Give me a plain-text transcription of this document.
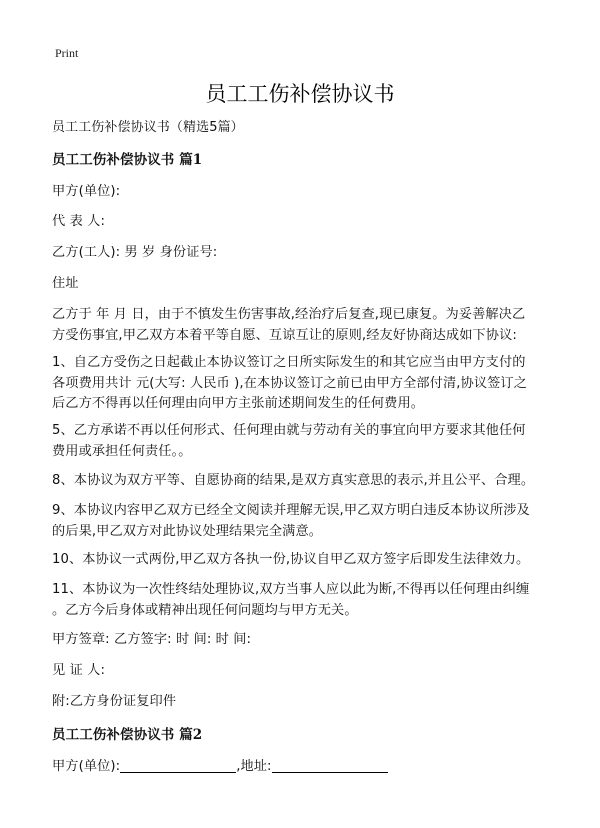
Print
员工工伤补偿协议书
员工工伤补偿协议书（精选5篇）
员工工伤补偿协议书 篇1
甲方(单位):
代 表 人:
乙方(工人): 男 岁 身份证号:
住址
乙方于 年 月 日，由于不慎发生伤害事故,经治疗后复查,现已康复。为妥善解决乙
方受伤事宜,甲乙双方本着平等自愿、互谅互让的原则,经友好协商达成如下协议:
1、自乙方受伤之日起截止本协议签订之日所实际发生的和其它应当由甲方支付的
各项费用共计 元(大写: 人民币 ),在本协议签订之前已由甲方全部付清,协议签订之
后乙方不得再以任何理由向甲方主张前述期间发生的任何费用。
5、乙方承诺不再以任何形式、任何理由就与劳动有关的事宜向甲方要求其他任何
费用或承担任何责任。。
8、本协议为双方平等、自愿协商的结果,是双方真实意思的表示,并且公平、合理。
9、本协议内容甲乙双方已经全文阅读并理解无误,甲乙双方明白违反本协议所涉及
的后果,甲乙双方对此协议处理结果完全满意。
10、本协议一式两份,甲乙双方各执一份,协议自甲乙双方签字后即发生法律效力。
11、本协议为一次性终结处理协议,双方当事人应以此为断,不得再以任何理由纠缠
。乙方今后身体或精神出现任何问题均与甲方无关。
甲方签章: 乙方签字: 时 间: 时 间:
见 证 人:
附:乙方身份证复印件
员工工伤补偿协议书 篇2
甲方(单位):	,地址:
